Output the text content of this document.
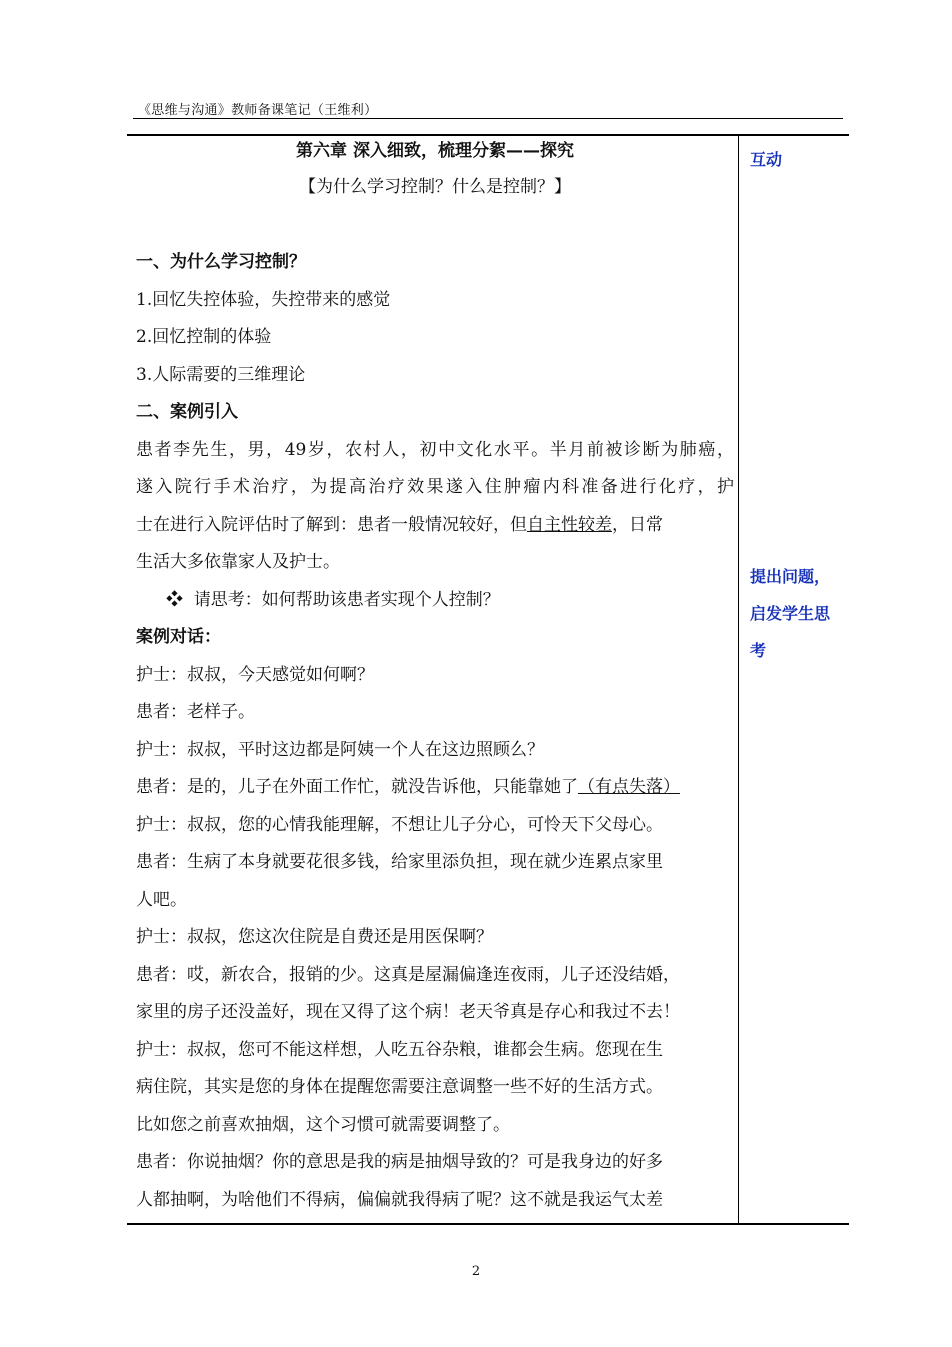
《思维与沟通》教师备课笔记（王维利）
第六章 深入细致，梳理分絮——探究
【为什么学习控制？什么是控制？】
一、为什么学习控制？
1.回忆失控体验，失控带来的感觉
2.回忆控制的体验
3.人际需要的三维理论
二、案例引入
患者李先生，男，49岁，农村人，初中文化水平。半月前被诊断为肺癌，
遂入院行手术治疗，为提高治疗效果遂入住肿瘤内科准备进行化疗，护
士在进行入院评估时了解到：患者一般情况较好，但自主性较差，日常
生活大多依靠家人及护士。
❖ 请思考：如何帮助该患者实现个人控制？
案例对话：
护士：叔叔，今天感觉如何啊？
患者：老样子。
护士：叔叔，平时这边都是阿姨一个人在这边照顾么？
患者：是的，儿子在外面工作忙，就没告诉他，只能靠她了（有点失落）
护士：叔叔，您的心情我能理解，不想让儿子分心，可怜天下父母心。
患者：生病了本身就要花很多钱，给家里添负担，现在就少连累点家里
人吧。
护士：叔叔，您这次住院是自费还是用医保啊？
患者：哎，新农合，报销的少。这真是屋漏偏逢连夜雨，儿子还没结婚，
家里的房子还没盖好，现在又得了这个病！老天爷真是存心和我过不去！
护士：叔叔，您可不能这样想，人吃五谷杂粮，谁都会生病。您现在生
病住院，其实是您的身体在提醒您需要注意调整一些不好的生活方式。
比如您之前喜欢抽烟，这个习惯可就需要调整了。
患者：你说抽烟？你的意思是我的病是抽烟导致的？可是我身边的好多
人都抽啊，为啥他们不得病，偏偏就我得病了呢？这不就是我运气太差
互动
提出问题，
启发学生思
考
2
